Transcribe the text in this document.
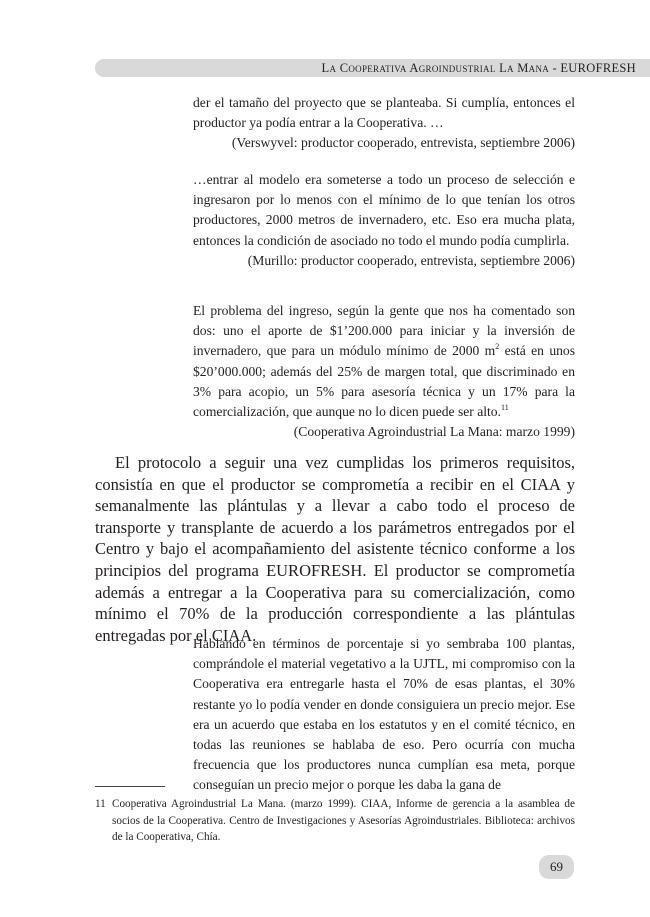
La Cooperativa Agroindustrial La Mana - EUROFRESH

der el tamaño del proyecto que se planteaba. Si cumplía, entonces el productor ya podía entrar a la Cooperativa. …

(Verswyvel: productor cooperado, entrevista, septiembre 2006)

…entrar al modelo era someterse a todo un proceso de selección e ingresaron por lo menos con el mínimo de lo que tenían los otros productores, 2000 metros de invernadero, etc. Eso era mucha plata, entonces la condición de asociado no todo el mundo podía cumplirla.

(Murillo: productor cooperado, entrevista, septiembre 2006)

El problema del ingreso, según la gente que nos ha comentado son dos: uno el aporte de $1’200.000 para iniciar y la inversión de invernadero, que para un módulo mínimo de 2000 $m^2$ está en unos $20’000.000; además del 25% de margen total, que discriminado en 3% para acopio, un 5% para asesoría técnica y un 17% para la comercialización, que aunque no lo dicen puede ser alto.$^{11}$

(Cooperativa Agroindustrial La Mana: marzo 1999)

El protocolo a seguir una vez cumplidas los primeros requisitos, consistía en que el productor se comprometía a recibir en el CIAA y semanalmente las plántulas y a llevar a cabo todo el proceso de transporte y transplante de acuerdo a los parámetros entregados por el Centro y bajo el acompañamiento del asistente técnico conforme a los principios del programa EUROFRESH. El productor se comprometía además a entregar a la Cooperativa para su comercialización, como mínimo el 70% de la producción correspondiente a las plántulas entregadas por el CIAA.

Hablando en términos de porcentaje si yo sembraba 100 plantas, comprándole el material vegetativo a la UJTL, mi compromiso con la Cooperativa era entregarle hasta el 70% de esas plantas, el 30% restante yo lo podía vender en donde consiguiera un precio mejor. Ese era un acuerdo que estaba en los estatutos y en el comité técnico, en todas las reuniones se hablaba de eso. Pero ocurría con mucha frecuencia que los productores nunca cumplían esa meta, porque conseguían un precio mejor o porque les daba la gana de

11 Cooperativa Agroindustrial La Mana. (marzo 1999). CIAA, Informe de gerencia a la asamblea de socios de la Cooperativa. Centro de Investigaciones y Asesorías Agroindustriales. Biblioteca: archivos de la Cooperativa, Chía.
69
